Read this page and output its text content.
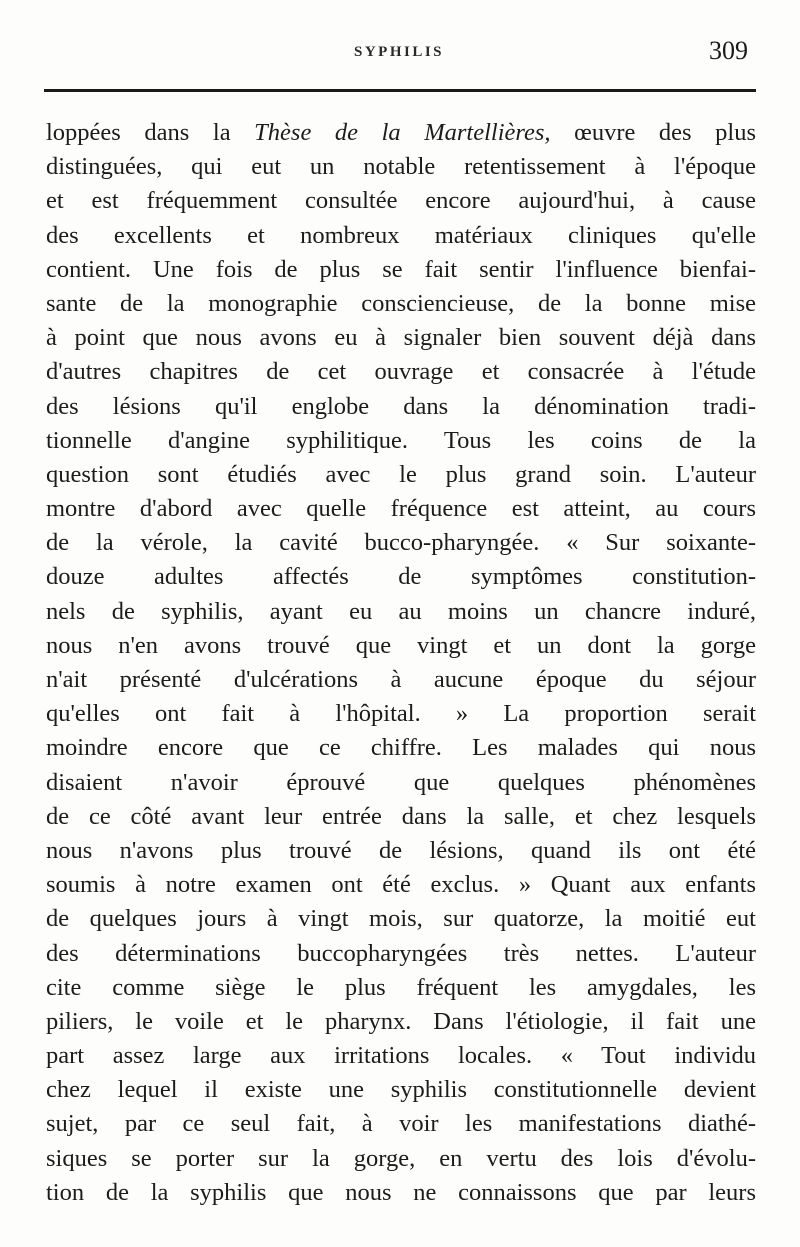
SYPHILIS	309
loppées dans la Thèse de la Martellières, œuvre des plus
distinguées, qui eut un notable retentissement à l'époque
et est fréquemment consultée encore aujourd'hui, à cause
des excellents et nombreux matériaux cliniques qu'elle
contient. Une fois de plus se fait sentir l'influence bienfai-
sante de la monographie consciencieuse, de la bonne mise
à point que nous avons eu à signaler bien souvent déjà dans
d'autres chapitres de cet ouvrage et consacrée à l'étude
des lésions qu'il englobe dans la dénomination tradi-
tionnelle d'angine syphilitique. Tous les coins de la
question sont étudiés avec le plus grand soin. L'auteur
montre d'abord avec quelle fréquence est atteint, au cours
de la vérole, la cavité bucco-pharyngée. « Sur soixante-
douze adultes affectés de symptômes constitution-
nels de syphilis, ayant eu au moins un chancre induré,
nous n'en avons trouvé que vingt et un dont la gorge
n'ait présenté d'ulcérations à aucune époque du séjour
qu'elles ont fait à l'hôpital. » La proportion serait
moindre encore que ce chiffre. Les malades qui nous
disaient n'avoir éprouvé que quelques phénomènes
de ce côté avant leur entrée dans la salle, et chez lesquels
nous n'avons plus trouvé de lésions, quand ils ont été
soumis à notre examen ont été exclus. » Quant aux enfants
de quelques jours à vingt mois, sur quatorze, la moitié eut
des déterminations buccopharyngées très nettes. L'auteur
cite comme siège le plus fréquent les amygdales, les
piliers, le voile et le pharynx. Dans l'étiologie, il fait une
part assez large aux irritations locales. « Tout individu
chez lequel il existe une syphilis constitutionnelle devient
sujet, par ce seul fait, à voir les manifestations diathé-
siques se porter sur la gorge, en vertu des lois d'évolu-
tion de la syphilis que nous ne connaissons que par leurs
